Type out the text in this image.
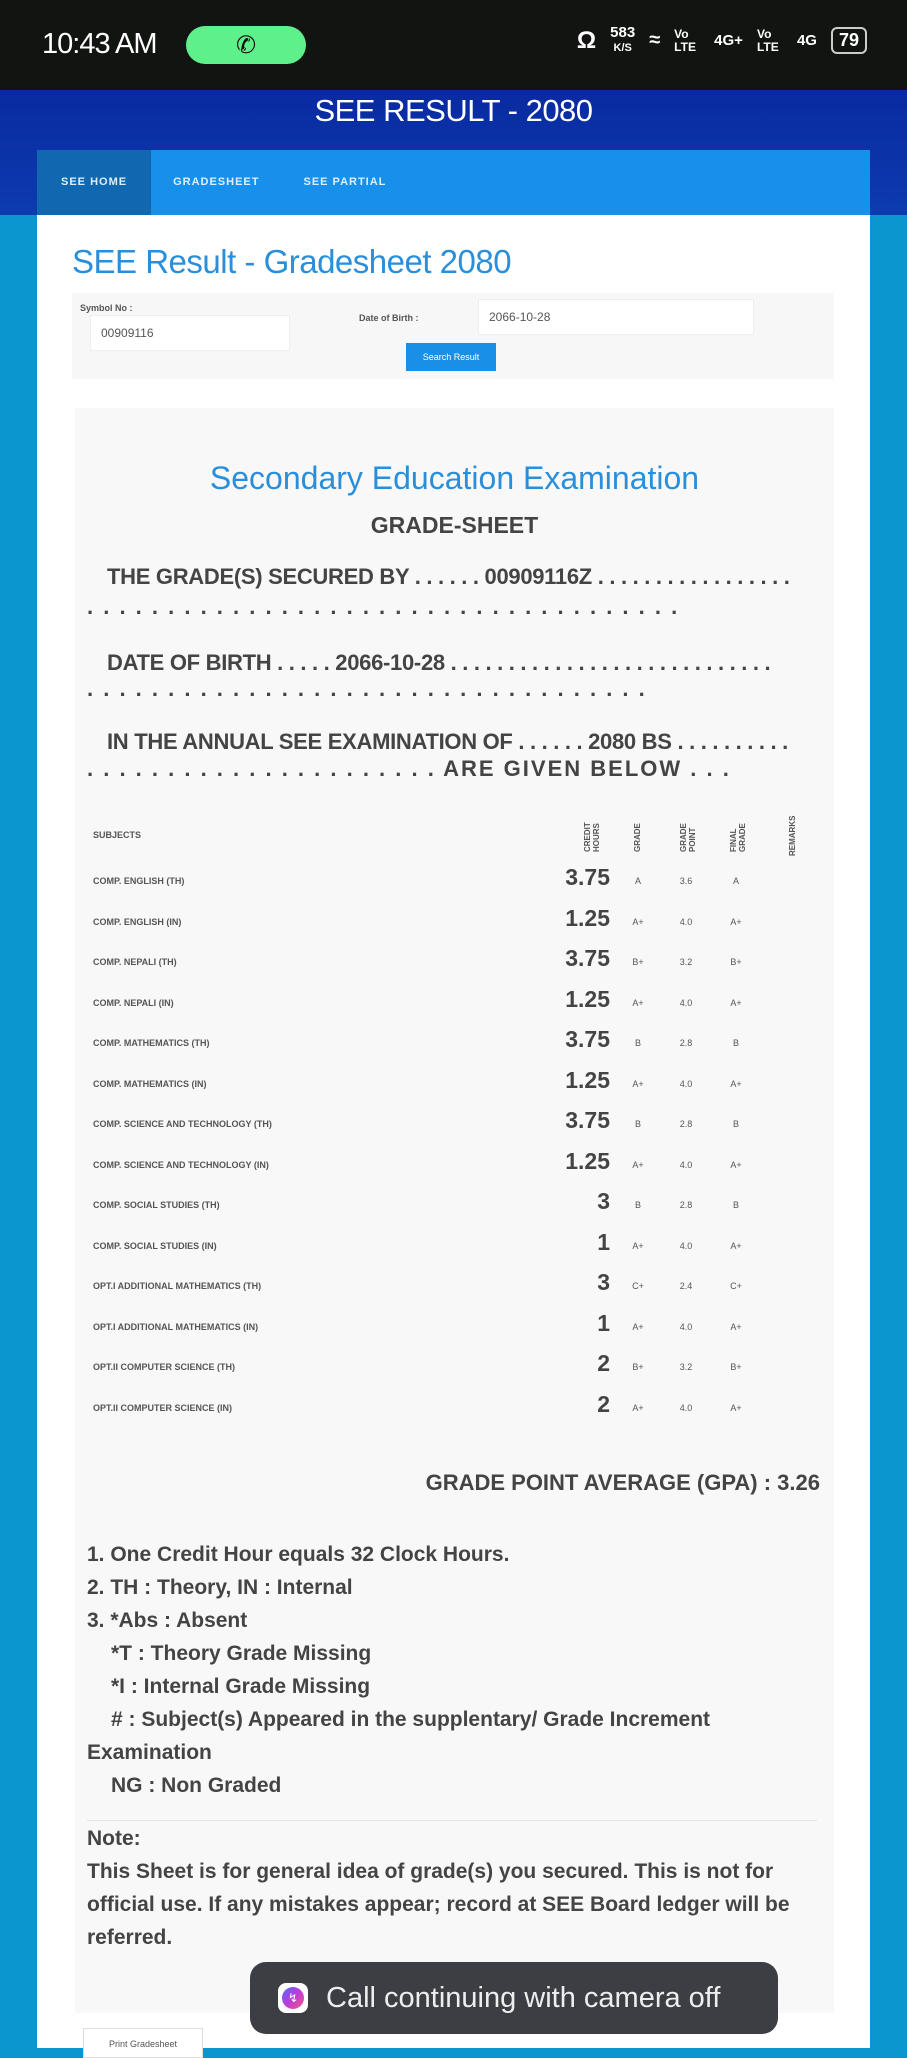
10:43 AM	✆	Ω 583
K/S ≈ Vo LTE 4G+ Vo LTE 4G	79
SEE RESULT - 2080
SEE HOME	GRADESHEET	SEE PARTIAL
SEE Result - Gradesheet 2080
Symbol No :
00909116
Date of Birth :	2066-10-28
Search Result
Secondary Education Examination
GRADE-SHEET
THE GRADE(S) SECURED BY . . . . . . 00909116Z . . . . . . . . . . . . . . . . .
. . . . . . . . . . . . . . . . . . . . . . . . . . . . . . . . . . . . .
DATE OF BIRTH . . . . . 2066-10-28 . . . . . . . . . . . . . . . . . . . . . . . . . . . .
. . . . . . . . . . . . . . . . . . . . . . . . . . . . . . . . . . .
IN THE ANNUAL SEE EXAMINATION OF . . . . . . 2080 BS . . . . . . . . . .
. . . . . . . . . . . . . . . . . . . . . . ARE GIVEN BELOW . . .
SUBJECTS	CREDIT HOURS	GRADE	GRADE POINT	FINAL GRADE	REMARKS
COMP. ENGLISH (TH)	3.75	A	3.6	A
COMP. ENGLISH (IN)	1.25	A+	4.0	A+
COMP. NEPALI (TH)	3.75	B+	3.2	B+
COMP. NEPALI (IN)	1.25	A+	4.0	A+
COMP. MATHEMATICS (TH)	3.75	B	2.8	B
COMP. MATHEMATICS (IN)	1.25	A+	4.0	A+
COMP. SCIENCE AND TECHNOLOGY (TH)	3.75	B	2.8	B
COMP. SCIENCE AND TECHNOLOGY (IN)	1.25	A+	4.0	A+
COMP. SOCIAL STUDIES (TH)	3	B	2.8	B
COMP. SOCIAL STUDIES (IN)	1	A+	4.0	A+
OPT.I ADDITIONAL MATHEMATICS (TH)	3	C+	2.4	C+
OPT.I ADDITIONAL MATHEMATICS (IN)	1	A+	4.0	A+
OPT.II COMPUTER SCIENCE (TH)	2	B+	3.2	B+
OPT.II COMPUTER SCIENCE (IN)	2	A+	4.0	A+
GRADE POINT AVERAGE (GPA) : 3.26
1. One Credit Hour equals 32 Clock Hours.
2. TH : Theory, IN : Internal
3. *Abs : Absent
*T : Theory Grade Missing
*I : Internal Grade Missing
# : Subject(s) Appeared in the supplentary/ Grade Increment
Examination
NG : Non Graded
Note:
This Sheet is for general idea of grade(s) you secured. This is not for official use. If any mistakes appear; record at SEE Board ledger will be referred.
Print Gradesheet
↯ Call continuing with camera off
